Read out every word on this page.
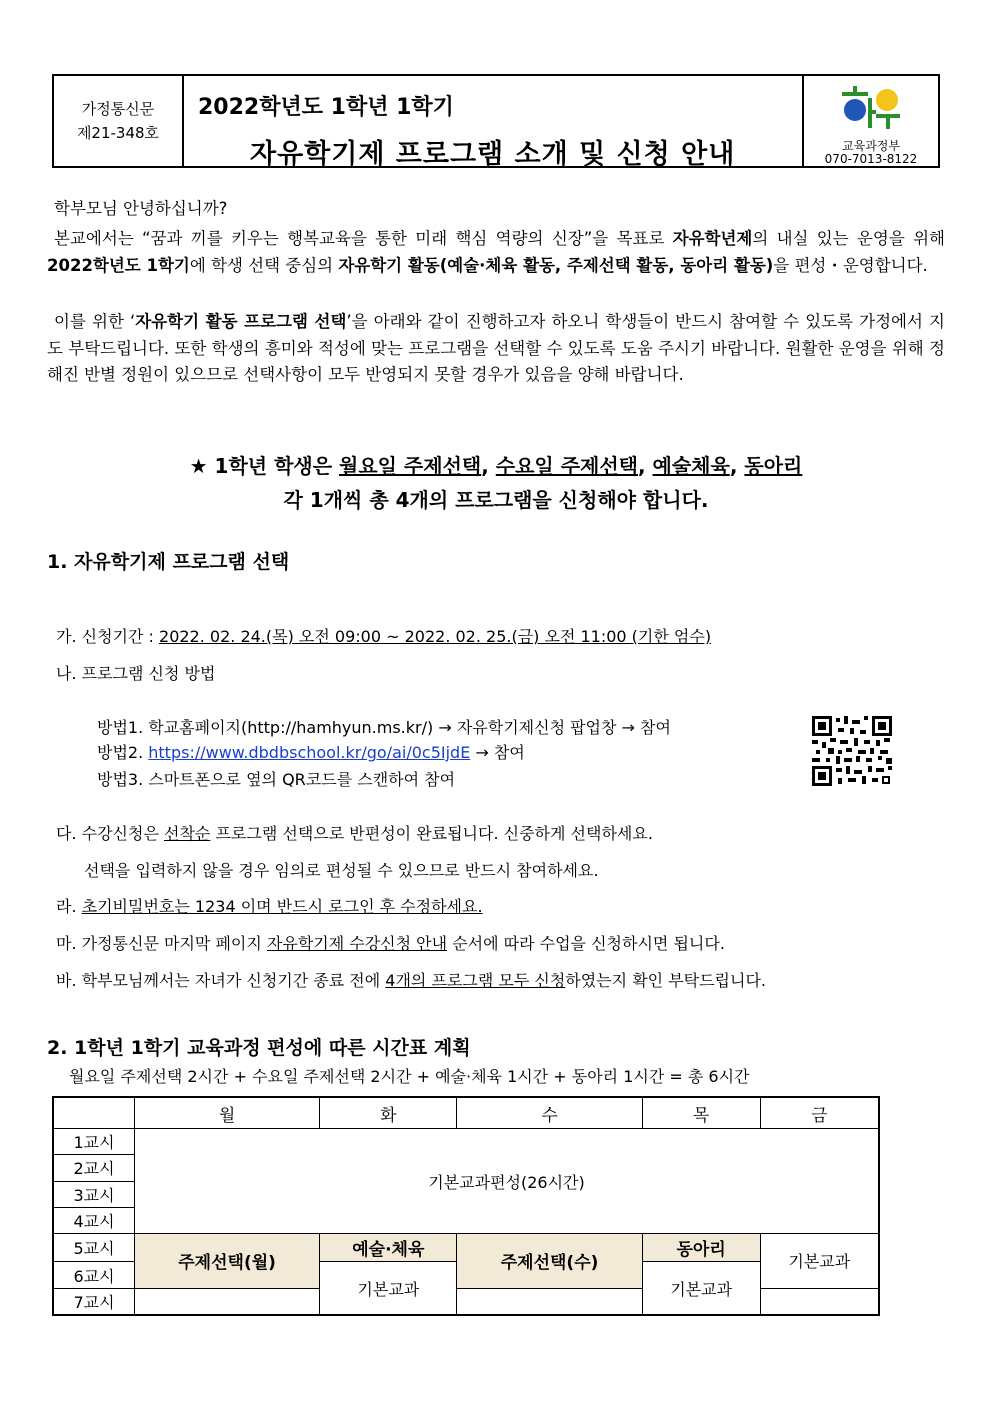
가정통신문
제21-348호
2022학년도 1학년 1학기
자유학기제 프로그램 소개 및 신청 안내	교육과정부
070-7013-8122
학부모님 안녕하십니까?
본교에서는 “꿈과 끼를 키우는 행복교육을 통한 미래 핵심 역량의 신장”을 목표로 자유학년제의 내실 있는 운영을 위해 2022학년도 1학기에 학생 선택 중심의 자유학기 활동(예술·체육 활동, 주제선택 활동, 동아리 활동)을 편성・운영합니다.
이를 위한 ‘자유학기 활동 프로그램 선택’을 아래와 같이 진행하고자 하오니 학생들이 반드시 참여할 수 있도록 가정에서 지도 부탁드립니다. 또한 학생의 흥미와 적성에 맞는 프로그램을 선택할 수 있도록 도움 주시기 바랍니다. 원활한 운영을 위해 정해진 반별 정원이 있으므로 선택사항이 모두 반영되지 못할 경우가 있음을 양해 바랍니다.
★ 1학년 학생은 월요일 주제선택, 수요일 주제선택, 예술체육, 동아리
각 1개씩 총 4개의 프로그램을 신청해야 합니다.
1. 자유학기제 프로그램 선택
가. 신청기간 : 2022. 02. 24.(목) 오전 09:00 ~ 2022. 02. 25.(금) 오전 11:00 (기한 엄수)
나. 프로그램 신청 방법
방법1. 학교홈페이지(http://hamhyun.ms.kr/) → 자유학기제신청 팝업창 → 참여
방법2. https://www.dbdbschool.kr/go/ai/0c5IjdE → 참여
방법3. 스마트폰으로 옆의 QR코드를 스캔하여 참여
다. 수강신청은 선착순 프로그램 선택으로 반편성이 완료됩니다. 신중하게 선택하세요.
선택을 입력하지 않을 경우 임의로 편성될 수 있으므로 반드시 참여하세요.
라. 초기비밀번호는 1234 이며 반드시 로그인 후 수정하세요.
마. 가정통신문 마지막 페이지 자유학기제 수강신청 안내 순서에 따라 수업을 신청하시면 됩니다.
바. 학부모님께서는 자녀가 신청기간 종료 전에 4개의 프로그램 모두 신청하였는지 확인 부탁드립니다.
2. 1학년 1학기 교육과정 편성에 따른 시간표 계획
월요일 주제선택 2시간 + 수요일 주제선택 2시간 + 예술·체육 1시간 + 동아리 1시간 = 총 6시간
	월	화	수	목	금
1교시	기본교과편성(26시간)				
2교시					
3교시					
4교시					
5교시	주제선택(월)	예술·체육	주제선택(수)	동아리	기본교과
6교시		기본교과		기본교과	
7교시					
